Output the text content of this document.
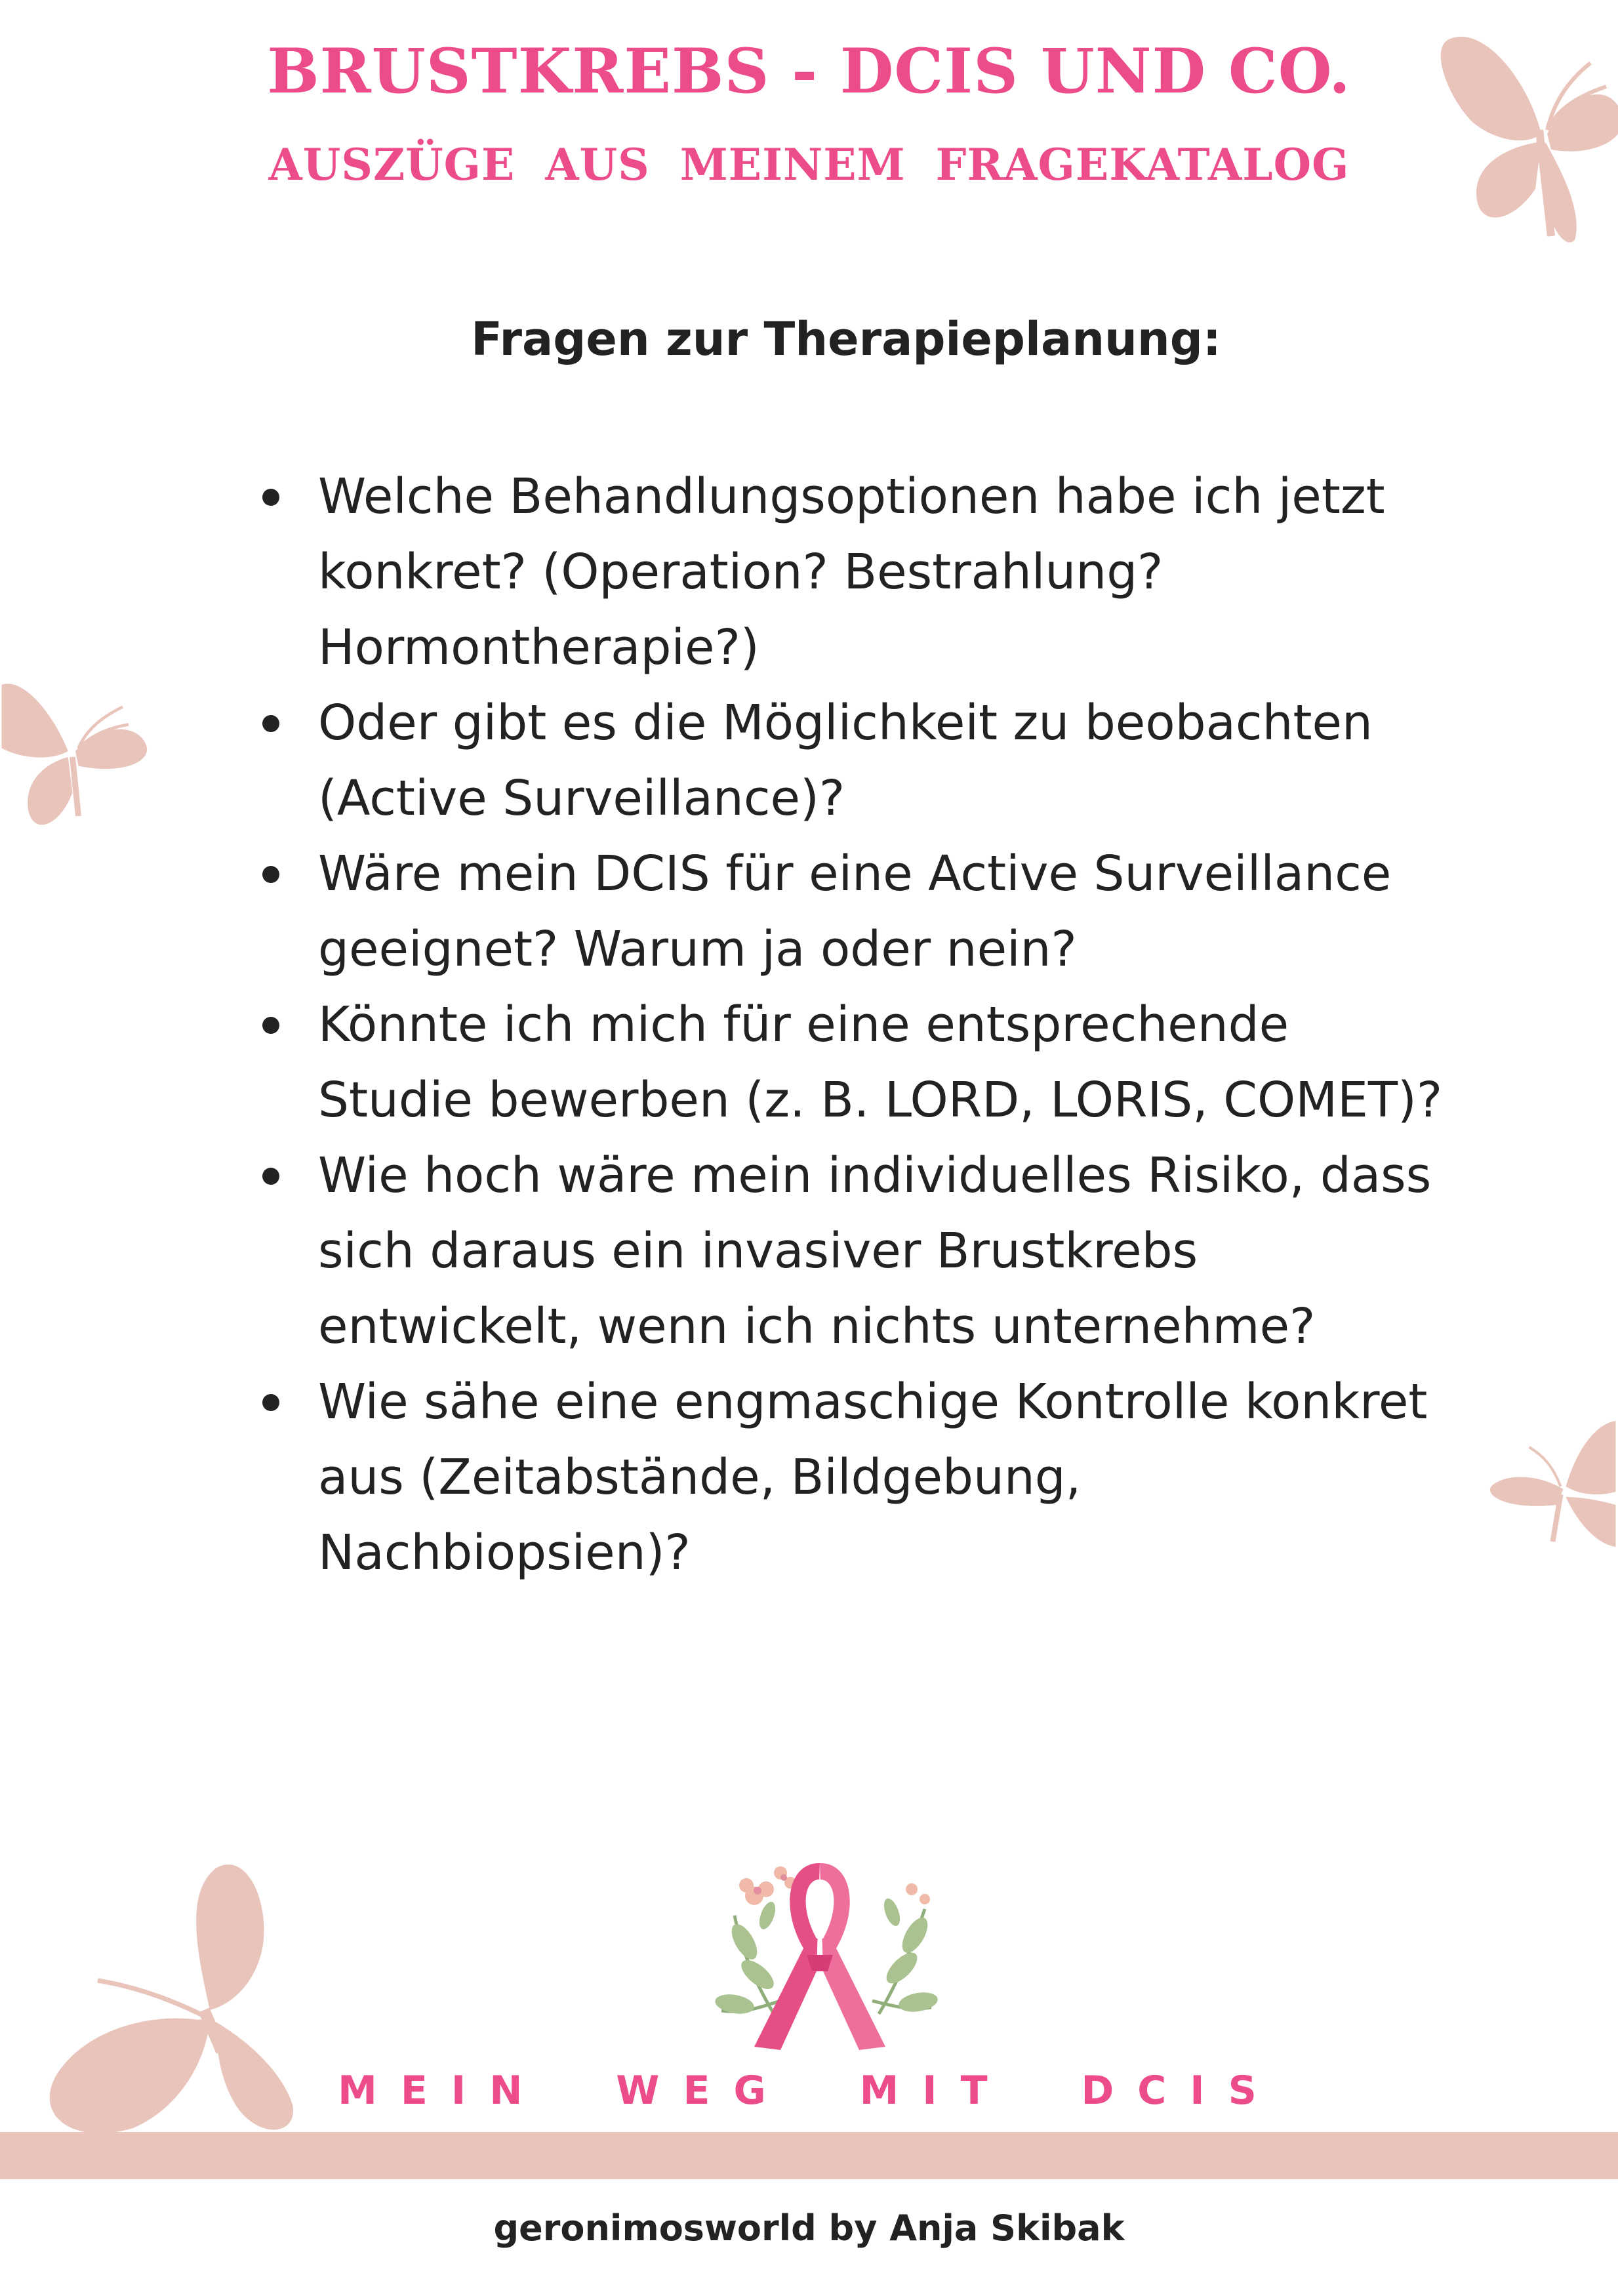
BRUSTKREBS - DCIS UND CO.
AUSZÜGE AUS MEINEM FRAGEKATALOG
Fragen zur Therapieplanung:
Welche Behandlungsoptionen habe ich jetzt konkret? (Operation? Bestrahlung? Hormontherapie?)
Oder gibt es die Möglichkeit zu beobachten (Active Surveillance)?
Wäre mein DCIS für eine Active Surveillance geeignet? Warum ja oder nein?
Könnte ich mich für eine entsprechende Studie bewerben (z. B. LORD, LORIS, COMET)?
Wie hoch wäre mein individuelles Risiko, dass sich daraus ein invasiver Brustkrebs entwickelt, wenn ich nichts unternehme?
Wie sähe eine engmaschige Kontrolle konkret aus (Zeitabstände, Bildgebung, Nachbiopsien)?

MEIN WEG MIT DCIS

geronimosworld by Anja Skibak
